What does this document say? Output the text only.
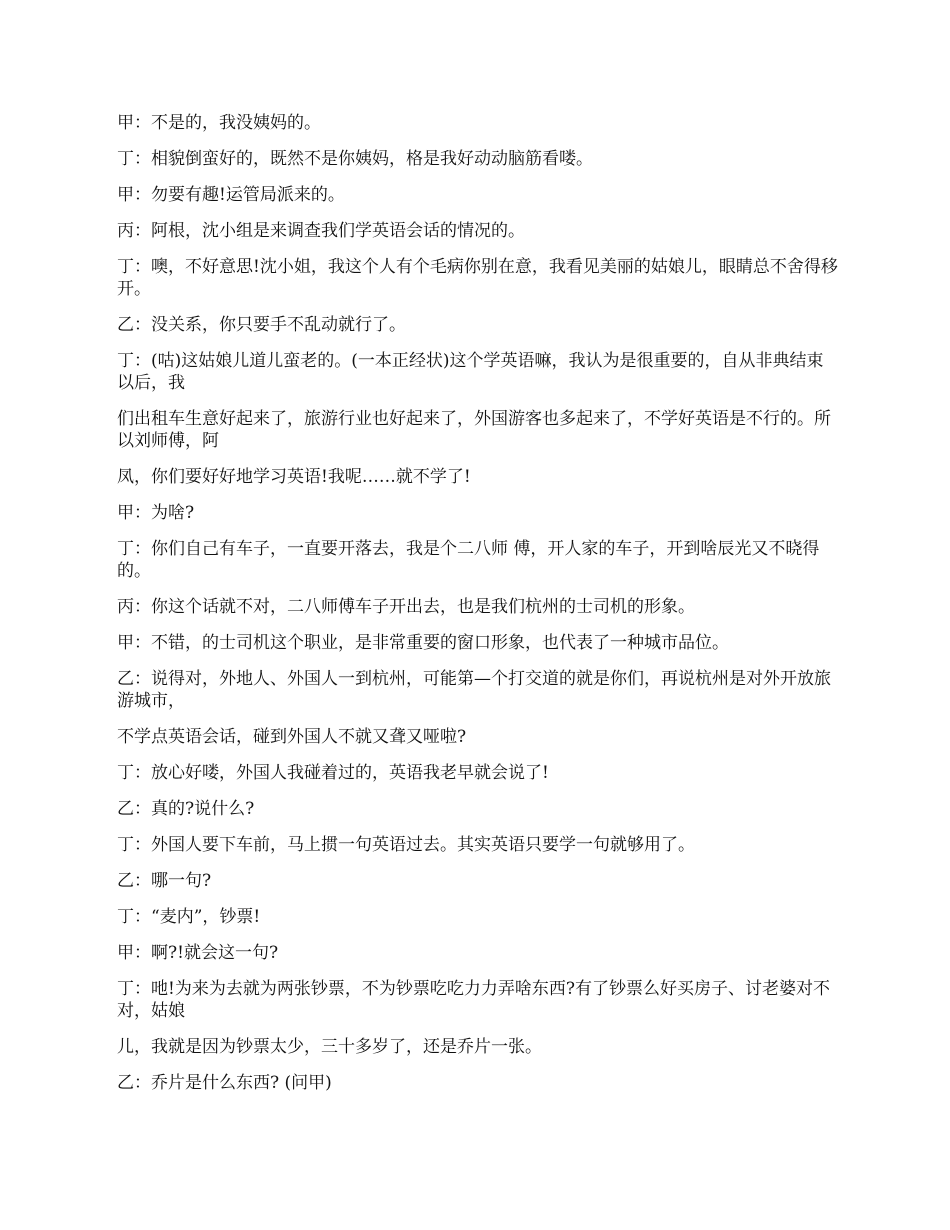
甲：不是的，我没姨妈的。

丁：相貌倒蛮好的，既然不是你姨妈，格是我好动动脑筋看喽。

甲：勿要有趣!运管局派来的。

丙：阿根，沈小组是来调查我们学英语会话的情况的。

丁：噢，不好意思!沈小姐，我这个人有个毛病你别在意，我看见美丽的姑娘儿，眼睛总不舍得移开。

乙：没关系，你只要手不乱动就行了。

丁：(咕)这姑娘儿道儿蛮老的。(一本正经状)这个学英语嘛，我认为是很重要的，自从非典结束以后，我

们出租车生意好起来了，旅游行业也好起来了，外国游客也多起来了，不学好英语是不行的。所以刘师傅，阿

凤，你们要好好地学习英语!我呢……就不学了!

甲：为啥?

丁：你们自己有车子，一直要开落去，我是个二八师 傅，开人家的车子，开到啥辰光又不晓得的。

丙：你这个话就不对，二八师傅车子开出去，也是我们杭州的士司机的形象。

甲：不错，的士司机这个职业，是非常重要的窗口形象，也代表了一种城市品位。

乙：说得对，外地人、外国人一到杭州，可能第—个打交道的就是你们，再说杭州是对外开放旅游城市，

不学点英语会话，碰到外国人不就又聋又哑啦?

丁：放心好喽，外国人我碰着过的，英语我老早就会说了!

乙：真的?说什么?

丁：外国人要下车前，马上掼一句英语过去。其实英语只要学一句就够用了。

乙：哪一句?

丁：“麦内”，钞票!

甲：啊?!就会这一句?

丁：吔!为来为去就为两张钞票，不为钞票吃吃力力弄啥东西?有了钞票么好买房子、讨老婆对不对，姑娘

儿，我就是因为钞票太少，三十多岁了，还是乔片一张。

乙：乔片是什么东西? (问甲)
